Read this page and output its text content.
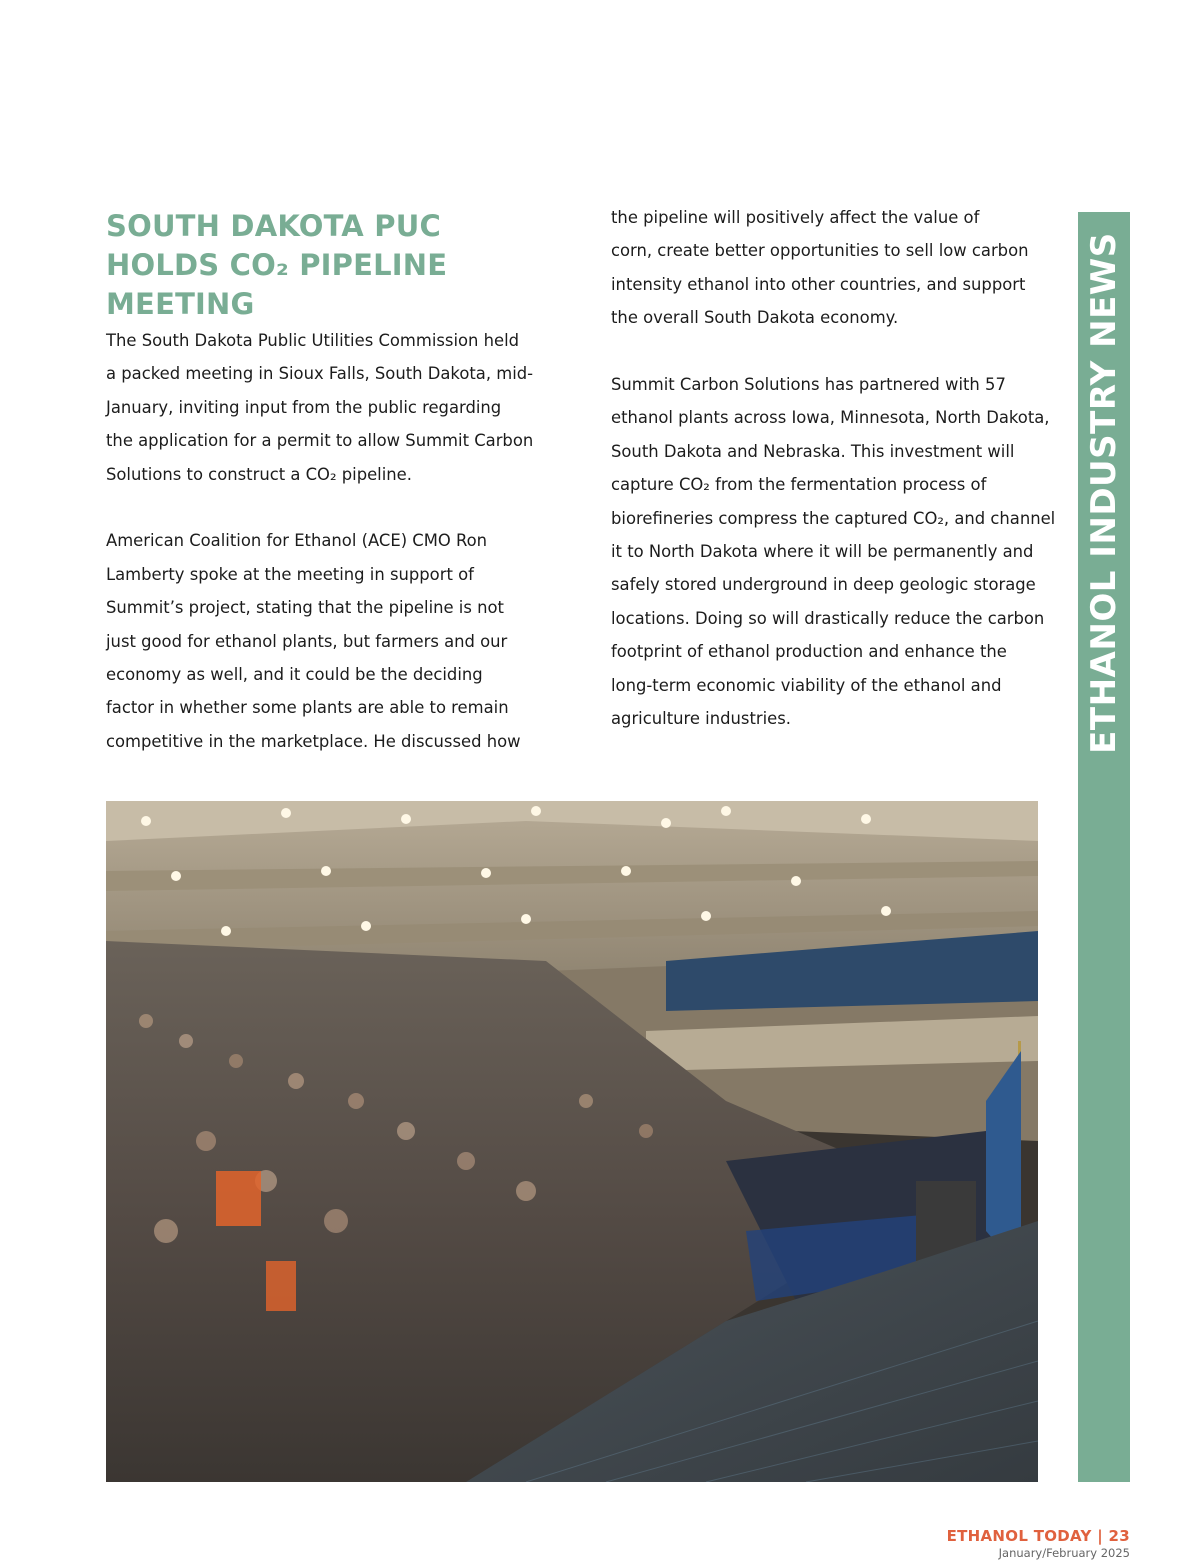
SOUTH DAKOTA PUC
HOLDS CO₂ PIPELINE
MEETING

The South Dakota Public Utilities Commission held
a packed meeting in Sioux Falls, South Dakota, mid-
January, inviting input from the public regarding
the application for a permit to allow Summit Carbon
Solutions to construct a CO₂ pipeline.

American Coalition for Ethanol (ACE) CMO Ron
Lamberty spoke at the meeting in support of
Summit’s project, stating that the pipeline is not
just good for ethanol plants, but farmers and our
economy as well, and it could be the deciding
factor in whether some plants are able to remain
competitive in the marketplace. He discussed how

the pipeline will positively affect the value of
corn, create better opportunities to sell low carbon
intensity ethanol into other countries, and support
the overall South Dakota economy.

Summit Carbon Solutions has partnered with 57
ethanol plants across Iowa, Minnesota, North Dakota,
South Dakota and Nebraska. This investment will
capture CO₂ from the fermentation process of
biorefineries compress the captured CO₂, and channel
it to North Dakota where it will be permanently and
safely stored underground in deep geologic storage
locations. Doing so will drastically reduce the carbon
footprint of ethanol production and enhance the
long-term economic viability of the ethanol and
agriculture industries.	ETHANOL INDUSTRY NEWS

ETHANOL TODAY | 23

January/February 2025
